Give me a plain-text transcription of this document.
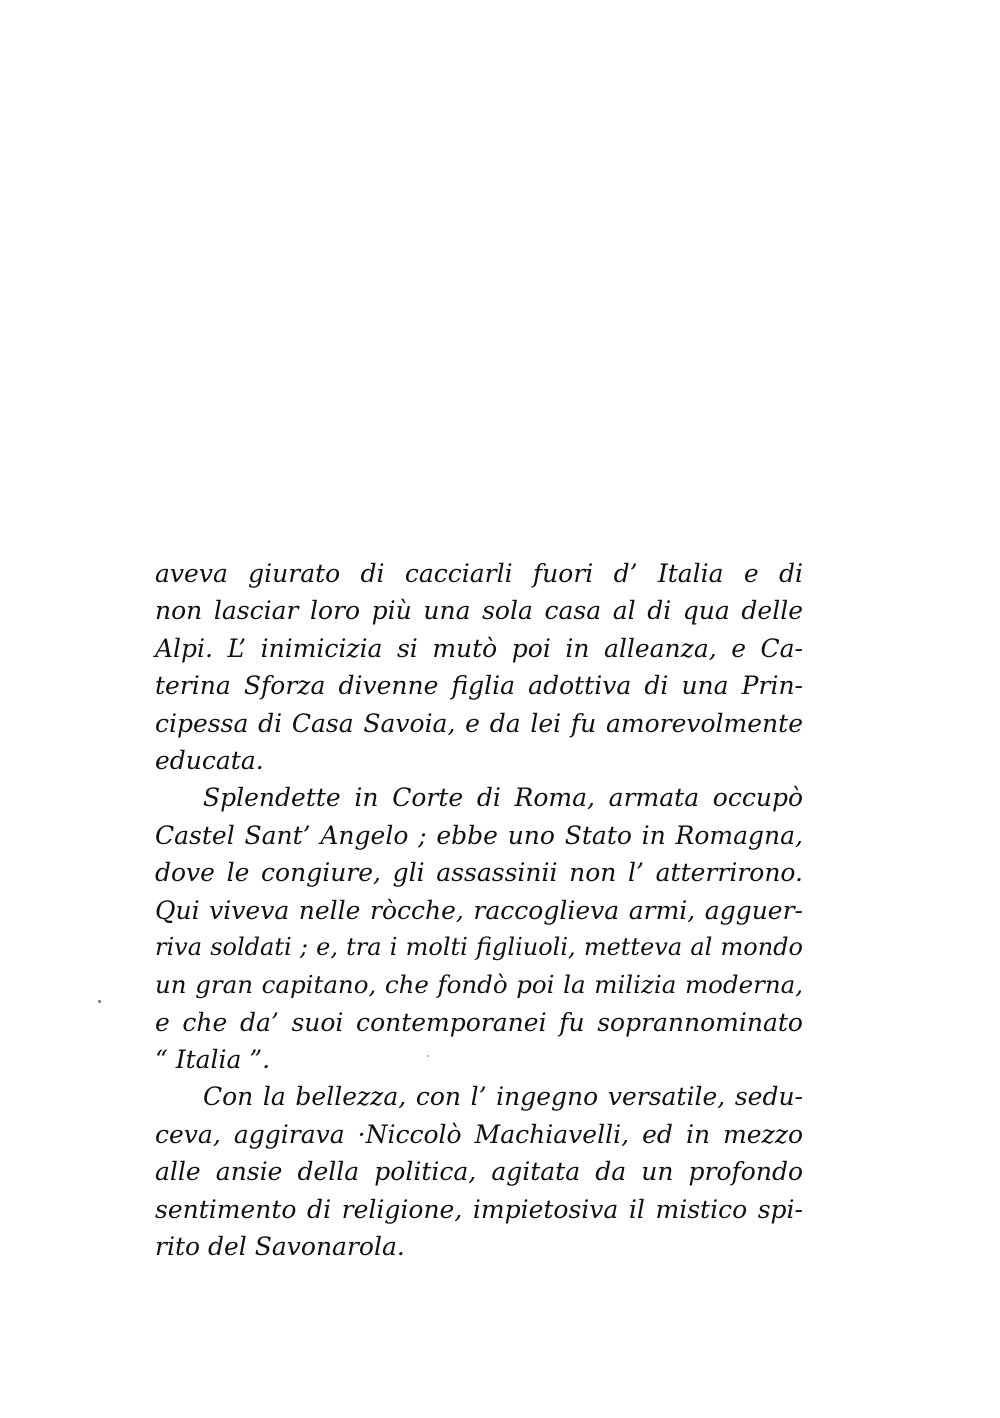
aveva giurato di cacciarli fuori d’ Italia e di
non lasciar loro più una sola casa al di qua delle
Alpi. L’ inimicizia si mutò poi in alleanza, e Ca-
terina Sforza divenne figlia adottiva di una Prin-
cipessa di Casa Savoia, e da lei fu amorevolmente
educata.
Splendette in Corte di Roma, armata occupò
Castel Sant’ Angelo ; ebbe uno Stato in Romagna,
dove le congiure, gli assassinii non l’ atterrirono.
Qui viveva nelle ròcche, raccoglieva armi, agguer-
riva soldati ; e, tra i molti figliuoli, metteva al mondo
un gran capitano, che fondò poi la milizia moderna,
e che da’ suoi contemporanei fu soprannominato
“ Italia ”.
Con la bellezza, con l’ ingegno versatile, sedu-
ceva, aggirava ·Niccolò Machiavelli, ed in mezzo
alle ansie della politica, agitata da un profondo
sentimento di religione, impietosiva il mistico spi-
rito del Savonarola.
